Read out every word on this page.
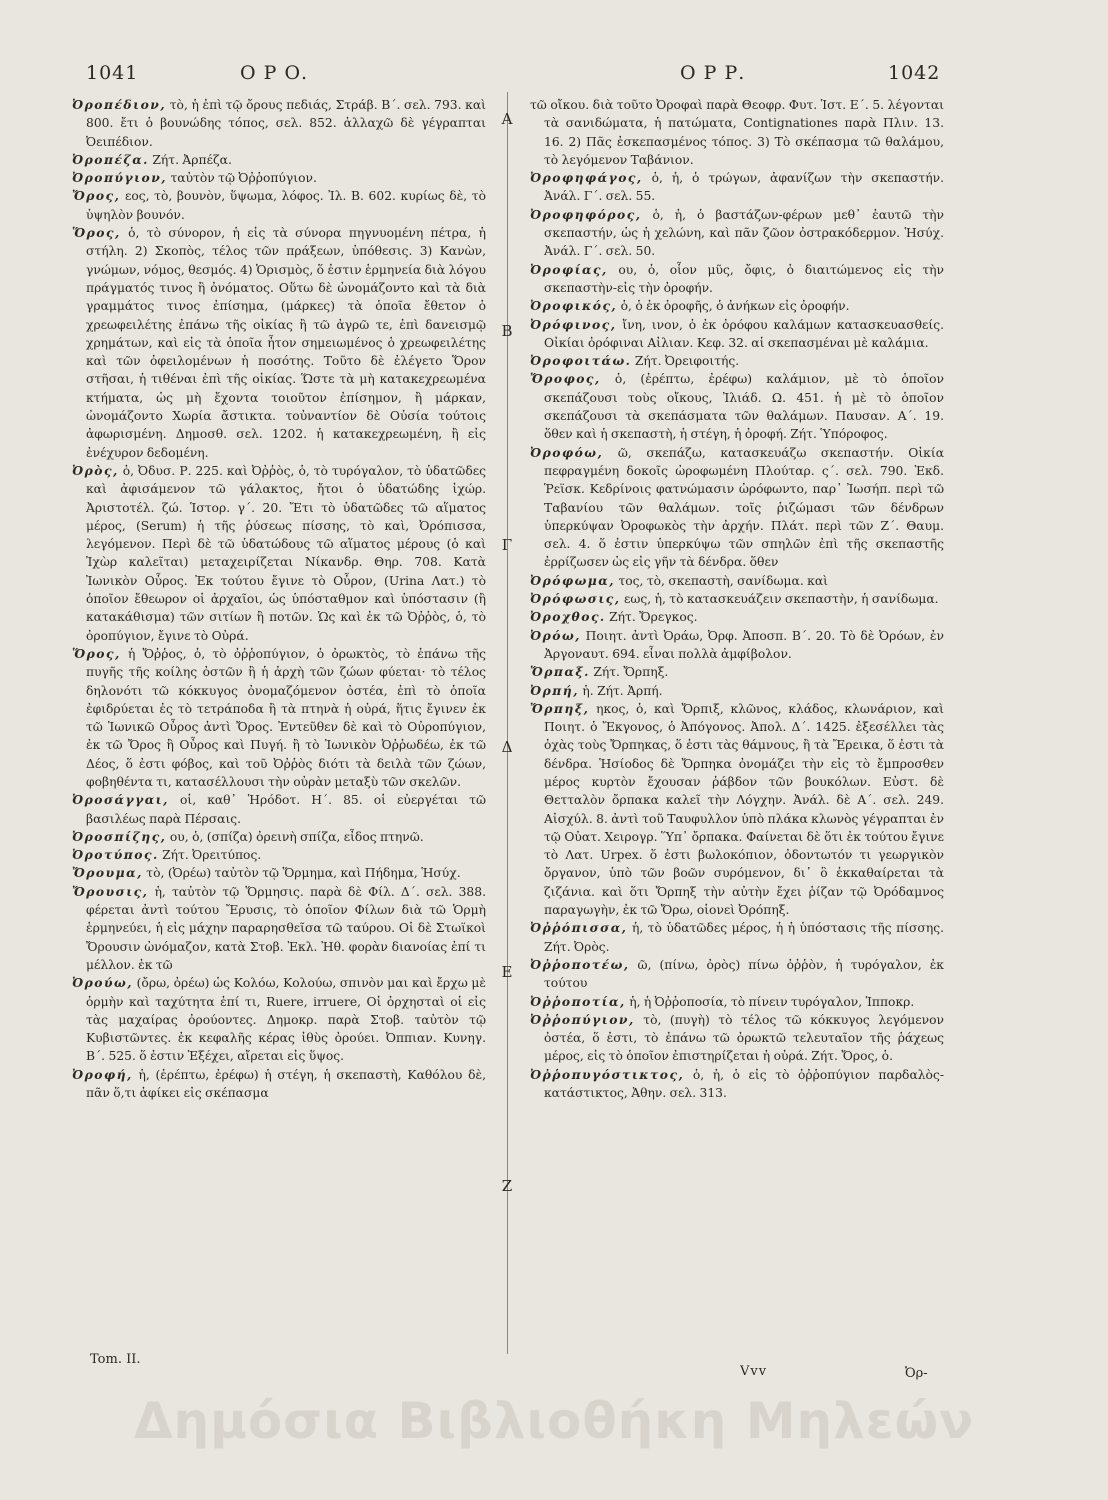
1041	Ο Ρ Ο.	Ο Ρ Ρ.	1042

Ὀροπέδιον, τὸ, ἡ ἐπὶ τῷ ὄρους πεδιάς, Στράβ. Β΄. σελ. 793. καὶ 800. ἔτι ὁ βουνώδης τόπος, σελ. 852. ἀλλαχῶ δὲ γέγραπται Ὀειπέδιον.

Ὀροπέζα. Ζήτ. Ἀρπέζα.

Ὀροπύγιον, ταὐτὸν τῷ Ὀῤῥοπύγιον.

Ὄρος, εος, τὸ, βουνὸν, ὕψωμα, λόφος. Ἰλ. Β. 602. κυρίως δὲ, τὸ ὑψηλὸν βουνόν.

Ὅρος, ὁ, τὸ σύνορον, ἡ εἰς τὰ σύνορα πηγνυομένη πέτρα, ἡ στήλη. 2) Σκοπὸς, τέλος τῶν πράξεων, ὑπόθεσις. 3) Κανὼν, γνώμων, νόμος, θεσμός. 4) Ὁρισμὸς, ὅ ἐστιν ἑρμηνεία διὰ λόγου πράγματός τινος ἢ ὀνόματος. Οὕτω δὲ ὠνομάζοντο καὶ τὰ διὰ γραμμάτος τινος ἐπίσημα, (μάρκες) τὰ ὁποῖα ἔθετον ὁ χρεωφειλέτης ἐπάνω τῆς οἰκίας ἢ τῶ ἀγρῶ τε, ἐπὶ δανεισμῷ χρημάτων, καὶ εἰς τὰ ὁποῖα ἦτον σημειωμένος ὁ χρεωφειλέτης καὶ τῶν ὀφειλομένων ἡ ποσότης. Τοῦτο δὲ ἐλέγετο Ὅρον στῆσαι, ἡ τιθέναι ἐπὶ τῆς οἰκίας. Ὥστε τὰ μὴ κατακεχρεωμένα κτήματα, ὡς μὴ ἔχοντα τοιοῦτον ἐπίσημον, ἢ μάρκαν, ὠνομάζοντο Χωρία ἄστικτα. τοὐναντίον δὲ Οὐσία τούτοις ἀφωρισμένη. Δημοσθ. σελ. 1202. ἡ κατακεχρεωμένη, ἢ εἰς ἐνέχυρον δεδομένη.

Ὀρὸς, ὁ, Ὀδυσ. Ρ. 225. καὶ Ὀῤῥὸς, ὁ, τὸ τυρόγαλον, τὸ ὑδατῶδες καὶ ἀφισάμενον τῶ γάλακτος, ἤτοι ὁ ὑδατώδης ἰχώρ. Ἀριστοτέλ. ζώ. Ἱστορ. γ΄. 20. Ἔτι τὸ ὑδατῶδες τῶ αἵματος μέρος, (Serum) ἡ τῆς ῥύσεως πίσσης, τὸ καὶ, Ὀρόπισσα, λεγόμενον. Περὶ δὲ τῶ ὑδατώδους τῶ αἵματος μέρους (ὁ καὶ Ἰχὼρ καλεῖται) μεταχειρίζεται Νίκανδρ. Θηρ. 708. Κατὰ Ἰωνικὸν Οὖρος. Ἐκ τούτου ἔγινε τὸ Οὖρον, (Urina Λατ.) τὸ ὁποῖον ἔθεωρον οἱ ἀρχαῖοι, ὡς ὑπόσταθμον καὶ ὑπόστασιν (ἢ κατακάθισμα) τῶν σιτίων ἢ ποτῶν. Ὡς καὶ ἐκ τῶ Ὀῤῥὸς, ὁ, τὸ ὀροπύγιον, ἔγινε τὸ Οὐρά.

Ὅρος, ἡ Ὄῤῥος, ὁ, τὸ ὀῤῥοπύγιον, ὁ ὀρωκτὸς, τὸ ἐπάνω τῆς πυγῆς τῆς κοίλης ὀστῶν ἢ ἡ ἀρχὴ τῶν ζώων φύεται· τὸ τέλος δηλονότι τῶ κόκκυγος ὀνομαζόμενον ὀστέα, ἐπὶ τὸ ὁποῖα ἐφιδρύεται ἐς τὸ τετράποδα ἢ τὰ πτηνὰ ἡ οὐρά, ἥτις ἔγινεν ἐκ τῶ Ἰωνικῶ Οὖρος ἀντὶ Ὄρος. Ἐντεῦθεν δὲ καὶ τὸ Οὐροπύγιον, ἐκ τῶ Ὄρος ἢ Οὖρος καὶ Πυγή. ἢ τὸ Ἰωνικὸν Ὀῤῥωδέω, ἐκ τῶ Δέος, ὅ ἐστι φόβος, καὶ τοῦ Ὀῤῥὸς διότι τὰ δειλὰ τῶν ζώων, φοβηθέντα τι, κατασέλλουσι τὴν οὐρὰν μεταξὺ τῶν σκελῶν.

Ὀροσάγγαι, οἱ, καθ᾽ Ἡρόδοτ. Η΄. 85. οἱ εὐεργέται τῶ βασιλέως παρὰ Πέρσαις.

Ὀροσπίζης, ου, ὁ, (σπίζα) ὀρεινὴ σπίζα, εἶδος πτηνῶ.

Ὀροτύπος. Ζήτ. Ὀρειτύπος.

Ὄρουμα, τὸ, (Ὀρέω) ταὐτὸν τῷ Ὅρμημα, καὶ Πήδημα, Ἡσύχ.

Ὄρουσις, ἡ, ταὐτὸν τῷ Ὅρμησις. παρὰ δὲ Φίλ. Δ΄. σελ. 388. φέρεται ἀντὶ τούτου Ἔρυσις, τὸ ὁποῖον Φίλων διὰ τῶ Ὁρμὴ ἑρμηνεύει, ἡ εἰς μάχην παραρησθεῖσα τῶ ταύρου. Οἱ δὲ Στωϊκοὶ Ὄρουσιν ὠνόμαζον, κατὰ Στοβ. Ἐκλ. Ἠθ. φορὰν διανοίας ἐπί τι μέλλον. ἐκ τῶ

Ὀρούω, (ὄρω, ὀρέω) ὡς Κολόω, Κολούω, σπινὸν μαι καὶ ἔρχω μὲ ὁρμὴν καὶ ταχύτητα ἐπί τι, Ruere, irruere, Οἱ ὀρχησταὶ οἱ εἰς τὰς μαχαίρας ὀρούοντες. Δημοκρ. παρὰ Στοβ. ταὐτὸν τῷ Κυβιστῶντες. ἐκ κεφαλῆς κέρας ἰθὺς ὀρούει. Ὀππιαν. Κυνηγ. Β΄. 525. ὅ ἐστιν Ἐξέχει, αἴρεται εἰς ὕψος.

Ὀροφή, ἡ, (ἐρέπτω, ἐρέφω) ἡ στέγη, ἡ σκεπαστὴ, Καθόλου δὲ, πᾶν ὅ,τι ἀφίκει εἰς σκέπασμα

Α
Β
Γ
Δ
Ε
Ζ

τῶ οἴκου. διὰ τοῦτο Ὀροφαὶ παρὰ Θεοφρ. Φυτ. Ἱστ. Ε΄. 5. λέγονται τὰ σανιδώματα, ἡ πατώματα, Contignationes παρὰ Πλιν. 13. 16. 2) Πᾶς ἐσκεπασμένος τόπος. 3) Τὸ σκέπασμα τῶ θαλάμου, τὸ λεγόμενον Ταβάνιον.

Ὀροφηφάγος, ὁ, ἡ, ὁ τρώγων, ἀφανίζων τὴν σκεπαστήν. Ἀνάλ. Γ΄. σελ. 55.

Ὀροφηφόρος, ὁ, ἡ, ὁ βαστάζων-φέρων μεθ᾽ ἑαυτῶ τὴν σκεπαστήν, ὡς ἡ χελώνη, καὶ πᾶν ζῶον ὀστρακόδερμον. Ἡσύχ. Ἀνάλ. Γ΄. σελ. 50.

Ὀροφίας, ου, ὁ, οἷον μῦς, ὄφις, ὁ διαιτώμενος εἰς τὴν σκεπαστὴν-εἰς τὴν ὀροφήν.

Ὀροφικός, ὁ, ὁ ἐκ ὀροφῆς, ὁ ἀνήκων εἰς ὀροφήν.

Ὀρόφινος, ἴνη, ινον, ὁ ἐκ ὀρόφου καλάμων κατασκευασθείς. Οἰκίαι ὀρόφιναι Αἰλιαν. Κεφ. 32. αἱ σκεπασμέναι μὲ καλάμια.

Ὀροφοιτάω. Ζήτ. Ὀρειφοιτής.

Ὄροφος, ὁ, (ἐρέπτω, ἐρέφω) καλάμιον, μὲ τὸ ὁποῖον σκεπάζουσι τοὺς οἴκους, Ἰλιάδ. Ω. 451. ἡ μὲ τὸ ὁποῖον σκεπάζουσι τὰ σκεπάσματα τῶν θαλάμων. Παυσαν. Α΄. 19. ὅθεν καὶ ἡ σκεπαστὴ, ἡ στέγη, ἡ ὀροφή. Ζήτ. Ὑπόροφος.

Ὀροφόω, ῶ, σκεπάζω, κατασκευάζω σκεπαστήν. Οἰκία πεφραγμένη δοκοῖς ὠροφωμένη Πλούταρ. ς΄. σελ. 790. Ἐκδ. Ῥεϊσκ. Κεδρίνοις φατνώμασιν ὠρόφωντο, παρ᾽ Ἰωσήπ. περὶ τῶ Ταβανίου τῶν θαλάμων. τοῖς ῥιζώμασι τῶν δένδρων ὑπερκύψαν Ὀροφωκὸς τὴν ἀρχήν. Πλάτ. περὶ τῶν Ζ΄. Θαυμ. σελ. 4. ὅ ἐστιν ὑπερκύψω τῶν σπηλῶν ἐπὶ τῆς σκεπαστῆς ἐρρίζωσεν ὡς εἰς γῆν τὰ δένδρα. ὅθεν

Ὀρόφωμα, τος, τὸ, σκεπαστὴ, σανίδωμα. καὶ

Ὀρόφωσις, εως, ἡ, τὸ κατασκευάζειν σκεπαστὴν, ἡ σανίδωμα.

Ὀροχθος. Ζήτ. Ὄρεγκος.

Ὀρόω, Ποιητ. ἀντὶ Ὀράω, Ὀρφ. Ἀποσπ. Β΄. 20. Τὸ δὲ Ὀρόων, ἐν Ἀργοναυτ. 694. εἶναι πολλὰ ἀμφίβολον.

Ὄρπαξ. Ζήτ. Ὄρπηξ.

Ὀρπή, ἡ. Ζήτ. Ἀρπή.

Ὄρπηξ, ηκος, ὁ, καὶ Ὄρπιξ, κλῶνος, κλάδος, κλωνάριον, καὶ Ποιητ. ὁ Ἔκγονος, ὁ Ἀπόγονος. Ἀπολ. Δ΄. 1425. ἐξεσέλλει τὰς ὀχὰς τοὺς Ὄρπηκας, ὅ ἐστι τὰς θάμνους, ἢ τὰ Ἔρεικα, ὅ ἐστι τὰ δένδρα. Ἡσίοδος δὲ Ὄρπηκα ὀνομάζει τὴν εἰς τὸ ἔμπροσθεν μέρος κυρτὸν ἔχουσαν ῥάβδον τῶν βουκόλων. Εὐστ. δὲ Θετταλὸν ὄρπακα καλεῖ τὴν Λόγχην. Ἀνάλ. δὲ Α΄. σελ. 249. Αἰσχύλ. 8. ἀντὶ τοῦ Ταυφυλλον ὑπὸ πλάκα κλωνὸς γέγραπται ἐν τῷ Οὐατ. Χειρογρ. Ὕπ᾽ ὄρπακα. Φαίνεται δὲ ὅτι ἐκ τούτου ἔγινε τὸ Λατ. Urpex. ὅ ἐστι βωλοκόπιον, ὀδοντωτόν τι γεωργικὸν ὄργανον, ὑπὸ τῶν βοῶν συρόμενον, δι᾽ ὃ ἐκκαθαίρεται τὰ ζιζάνια. καὶ ὅτι Ὄρπηξ τὴν αὐτὴν ἔχει ῥίζαν τῷ Ὀρόδαμνος παραγωγὴν, ἐκ τῶ Ὄρω, οἱονεὶ Ὀρόπηξ.

Ὀῤῥόπισσα, ἡ, τὸ ὑδατῶδες μέρος, ἡ ἡ ὑπόστασις τῆς πίσσης. Ζήτ. Ὀρὸς.

Ὀῤῥοποτέω, ῶ, (πίνω, ὀρὸς) πίνω ὀῤῥὸν, ἡ τυρόγαλον, ἐκ τούτου

Ὀῤῥοποτία, ἡ, ἡ Ὀῤῥοποσία, τὸ πίνειν τυρόγαλον, Ἱπποκρ.

Ὀῤῥοπύγιον, τὸ, (πυγὴ) τὸ τέλος τῶ κόκκυγος λεγόμενον ὀστέα, ὅ ἐστι, τὸ ἐπάνω τῶ ὀρωκτῶ τελευταῖον τῆς ῥάχεως μέρος, εἰς τὸ ὁποῖον ἐπιστηρίζεται ἡ οὐρά. Ζήτ. Ὄρος, ὁ.

Ὀῤῥοπυγόστικτος, ὁ, ἡ, ὁ εἰς τὸ ὀῤῥοπύγιον παρδαλὸς-κατάστικτος, Ἀθην. σελ. 313.

Tom. II.
Vvv	Ὀρ-
Δημόσια Βιβλιοθήκη Μηλεών
